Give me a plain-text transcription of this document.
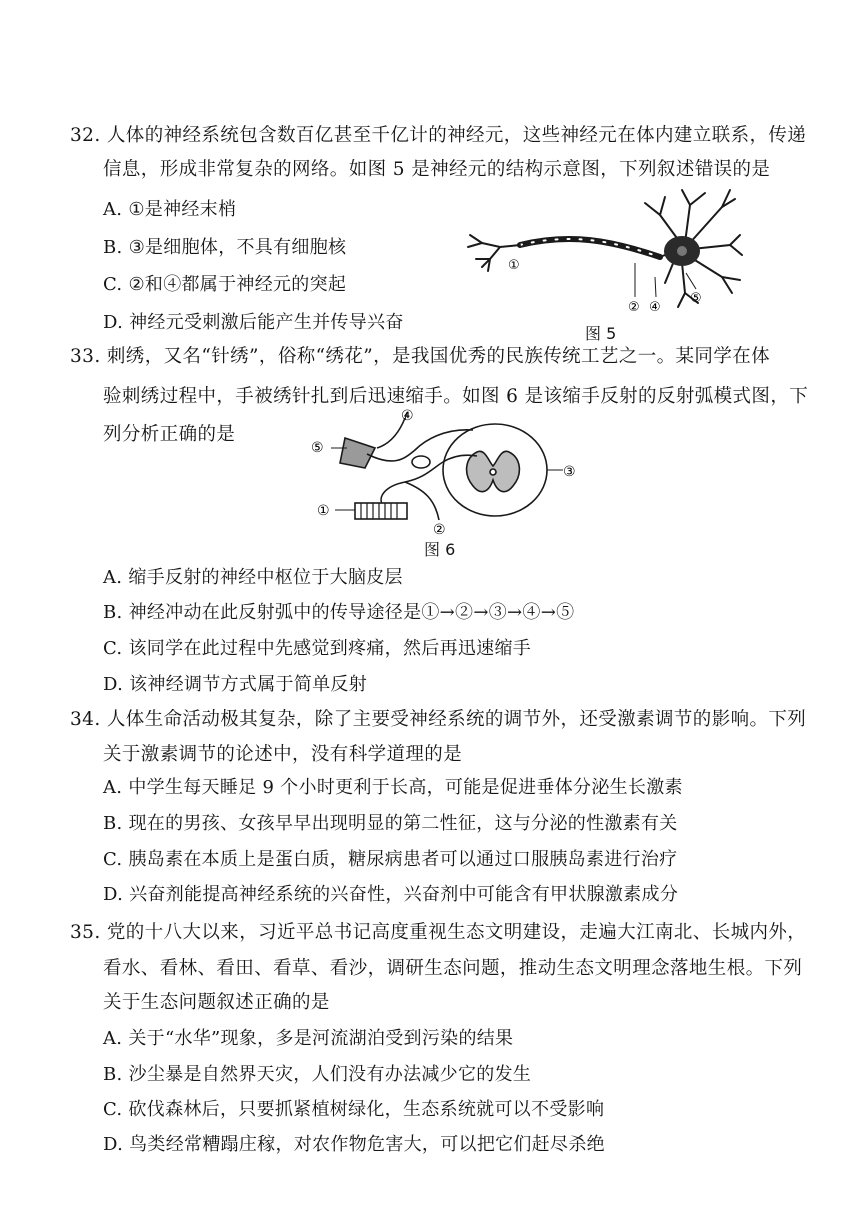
32. 人体的神经系统包含数百亿甚至千亿计的神经元，这些神经元在体内建立联系，传递
信息，形成非常复杂的网络。如图 5 是神经元的结构示意图，下列叙述错误的是
A. ①是神经末梢
B. ③是细胞体，不具有细胞核
C. ②和④都属于神经元的突起
D. 神经元受刺激后能产生并传导兴奋
①
② ④
⑤
图 5
33. 刺绣，又名“针绣”，俗称“绣花”，是我国优秀的民族传统工艺之一。某同学在体
验刺绣过程中，手被绣针扎到后迅速缩手。如图 6 是该缩手反射的反射弧模式图，下
列分析正确的是
④
⑤
③
①
②
图 6
A. 缩手反射的神经中枢位于大脑皮层
B. 神经冲动在此反射弧中的传导途径是①→②→③→④→⑤
C. 该同学在此过程中先感觉到疼痛，然后再迅速缩手
D. 该神经调节方式属于简单反射
34. 人体生命活动极其复杂，除了主要受神经系统的调节外，还受激素调节的影响。下列
关于激素调节的论述中，没有科学道理的是
A. 中学生每天睡足 9 个小时更利于长高，可能是促进垂体分泌生长激素
B. 现在的男孩、女孩早早出现明显的第二性征，这与分泌的性激素有关
C. 胰岛素在本质上是蛋白质，糖尿病患者可以通过口服胰岛素进行治疗
D. 兴奋剂能提高神经系统的兴奋性，兴奋剂中可能含有甲状腺激素成分
35. 党的十八大以来，习近平总书记高度重视生态文明建设，走遍大江南北、长城内外，
看水、看林、看田、看草、看沙，调研生态问题，推动生态文明理念落地生根。下列
关于生态问题叙述正确的是
A. 关于“水华”现象，多是河流湖泊受到污染的结果
B. 沙尘暴是自然界天灾，人们没有办法减少它的发生
C. 砍伐森林后，只要抓紧植树绿化，生态系统就可以不受影响
D. 鸟类经常糟蹋庄稼，对农作物危害大，可以把它们赶尽杀绝
